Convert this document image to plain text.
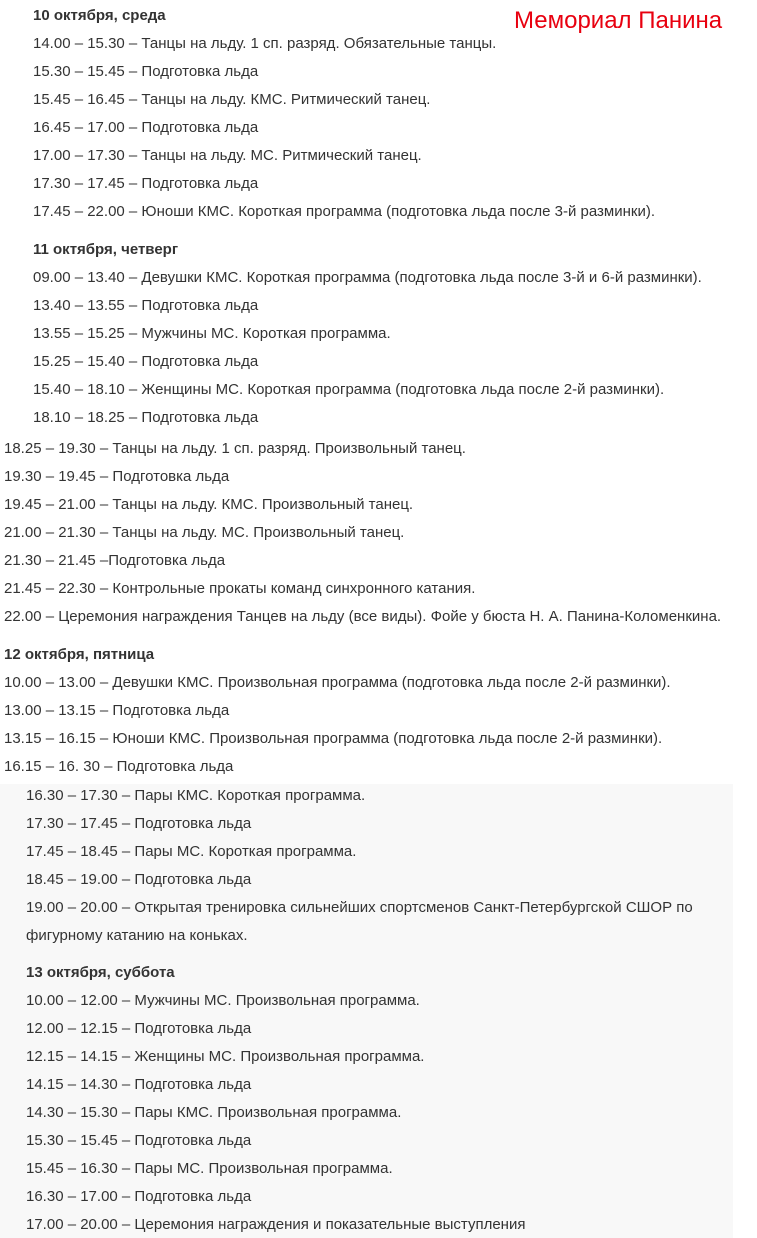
Мемориал Панина
10 октября, среда
14.00 – 15.30 – Танцы на льду. 1 сп. разряд. Обязательные танцы.
15.30 – 15.45 – Подготовка льда
15.45 – 16.45 – Танцы на льду. КМС. Ритмический танец.
16.45 – 17.00 – Подготовка льда
17.00 – 17.30 – Танцы на льду. МС. Ритмический танец.
17.30 – 17.45 – Подготовка льда
17.45 – 22.00 – Юноши КМС. Короткая программа (подготовка льда после 3-й разминки).
11 октября, четверг
09.00 – 13.40 – Девушки КМС. Короткая программа (подготовка льда после 3-й и 6-й разминки).
13.40 – 13.55 – Подготовка льда
13.55 – 15.25 – Мужчины МС. Короткая программа.
15.25 – 15.40 – Подготовка льда
15.40 – 18.10 – Женщины МС. Короткая программа (подготовка льда после 2-й разминки).
18.10 – 18.25 – Подготовка льда
18.25 – 19.30 – Танцы на льду. 1 сп. разряд. Произвольный танец.
19.30 – 19.45 – Подготовка льда
19.45 – 21.00 – Танцы на льду. КМС. Произвольный танец.
21.00 – 21.30 – Танцы на льду. МС. Произвольный танец.
21.30 – 21.45 –Подготовка льда
21.45 – 22.30 – Контрольные прокаты команд синхронного катания.
22.00 – Церемония награждения Танцев на льду (все виды). Фойе у бюста Н. А. Панина-Коломенкина.
12 октября, пятница
10.00 – 13.00 – Девушки КМС. Произвольная программа (подготовка льда после 2-й разминки).
13.00 – 13.15 – Подготовка льда
13.15 – 16.15 – Юноши КМС. Произвольная программа (подготовка льда после 2-й разминки).
16.15 – 16. 30 – Подготовка льда
16.30 – 17.30 – Пары КМС. Короткая программа.
17.30 – 17.45 – Подготовка льда
17.45 – 18.45 – Пары МС. Короткая программа.
18.45 – 19.00 – Подготовка льда
19.00 – 20.00 – Открытая тренировка сильнейших спортсменов Санкт-Петербургской СШОР по
фигурному катанию на коньках.
13 октября, суббота
10.00 – 12.00 – Мужчины МС. Произвольная программа.
12.00 – 12.15 – Подготовка льда
12.15 – 14.15 – Женщины МС. Произвольная программа.
14.15 – 14.30 – Подготовка льда
14.30 – 15.30 – Пары КМС. Произвольная программа.
15.30 – 15.45 – Подготовка льда
15.45 – 16.30 – Пары МС. Произвольная программа.
16.30 – 17.00 – Подготовка льда
17.00 – 20.00 – Церемония награждения и показательные выступления
